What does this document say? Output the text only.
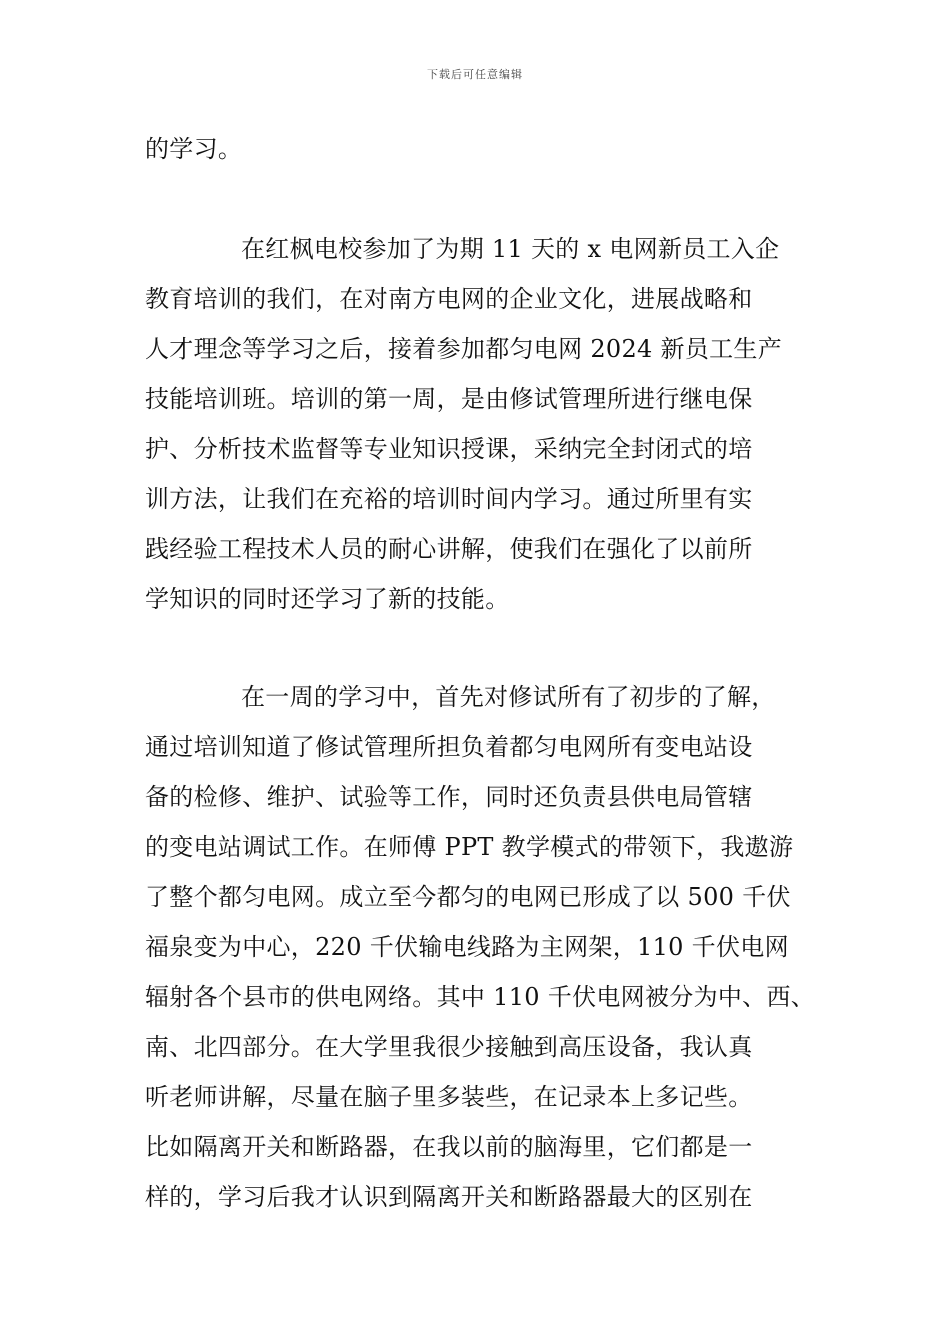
下载后可任意编辑
的学习。
在红枫电校参加了为期 11 天的 x 电网新员工入企
教育培训的我们，在对南方电网的企业文化，进展战略和
人才理念等学习之后，接着参加都匀电网 2024 新员工生产
技能培训班。培训的第一周，是由修试管理所进行继电保
护、分析技术监督等专业知识授课，采纳完全封闭式的培
训方法，让我们在充裕的培训时间内学习。通过所里有实
践经验工程技术人员的耐心讲解，使我们在强化了以前所
学知识的同时还学习了新的技能。
在一周的学习中，首先对修试所有了初步的了解，
通过培训知道了修试管理所担负着都匀电网所有变电站设
备的检修、维护、试验等工作，同时还负责县供电局管辖
的变电站调试工作。在师傅 PPT 教学模式的带领下，我遨游
了整个都匀电网。成立至今都匀的电网已形成了以 500 千伏
福泉变为中心，220 千伏输电线路为主网架，110 千伏电网
辐射各个县市的供电网络。其中 110 千伏电网被分为中、西、
南、北四部分。在大学里我很少接触到高压设备，我认真
听老师讲解，尽量在脑子里多装些，在记录本上多记些。
比如隔离开关和断路器，在我以前的脑海里，它们都是一
样的，学习后我才认识到隔离开关和断路器最大的区别在
